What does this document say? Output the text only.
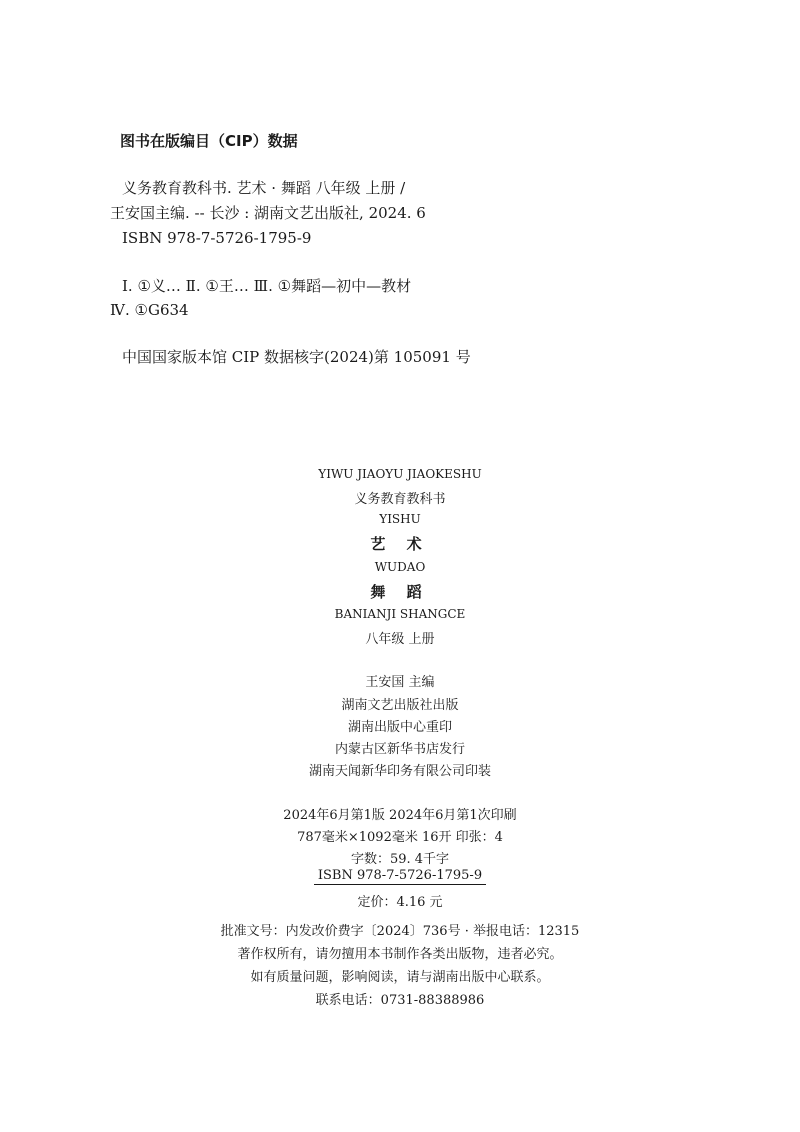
图书在版编目（CIP）数据
义务教育教科书. 艺术 · 舞蹈 八年级 上册 /
王安国主编. -- 长沙 : 湖南文艺出版社, 2024. 6
ISBN 978-7-5726-1795-9
Ⅰ. ①义… Ⅱ. ①王… Ⅲ. ①舞蹈—初中—教材
Ⅳ. ①G634
中国国家版本馆 CIP 数据核字(2024)第 105091 号
YIWU JIAOYU JIAOKESHU
义务教育教科书
YISHU
艺 术
WUDAO
舞 蹈
BANIANJI SHANGCE
八年级 上册
王安国 主编
湖南文艺出版社出版
湖南出版中心重印
内蒙古区新华书店发行
湖南天闻新华印务有限公司印装
2024年6月第1版 2024年6月第1次印刷
787毫米×1092毫米 16开 印张：4
字数：59. 4千字
ISBN 978-7-5726-1795-9
定价：4.16 元
批准文号：内发改价费字〔2024〕736号 · 举报电话：12315
著作权所有，请勿擅用本书制作各类出版物，违者必究。
如有质量问题，影响阅读，请与湖南出版中心联系。
联系电话：0731-88388986
